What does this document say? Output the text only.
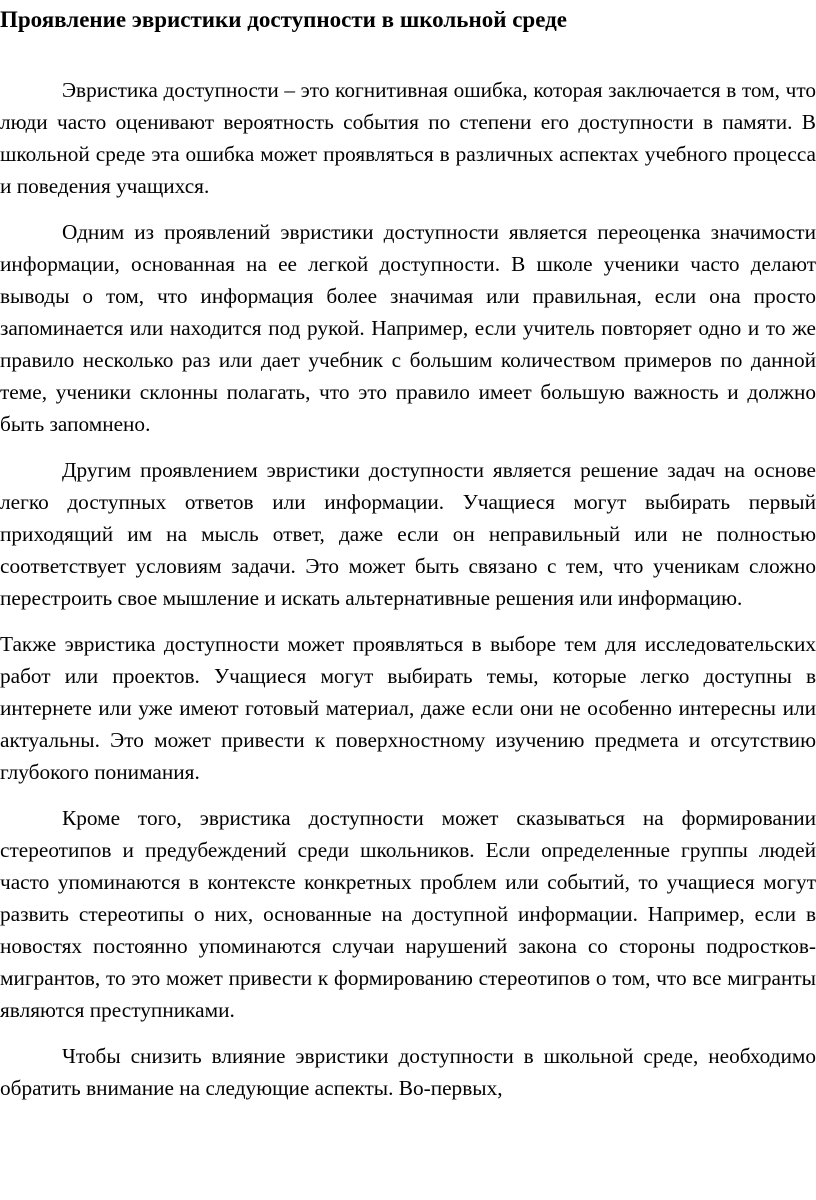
Проявление эвристики доступности в школьной среде

Эвристика доступности – это когнитивная ошибка, которая заключается в том, что люди часто оценивают вероятность события по степени его доступности в памяти. В школьной среде эта ошибка может проявляться в различных аспектах учебного процесса и поведения учащихся.

Одним из проявлений эвристики доступности является переоценка значимости информации, основанная на ее легкой доступности. В школе ученики часто делают выводы о том, что информация более значимая или правильная, если она просто запоминается или находится под рукой. Например, если учитель повторяет одно и то же правило несколько раз или дает учебник с большим количеством примеров по данной теме, ученики склонны полагать, что это правило имеет большую важность и должно быть запомнено.

Другим проявлением эвристики доступности является решение задач на основе легко доступных ответов или информации. Учащиеся могут выбирать первый приходящий им на мысль ответ, даже если он неправильный или не полностью соответствует условиям задачи. Это может быть связано с тем, что ученикам сложно перестроить свое мышление и искать альтернативные решения или информацию.

Также эвристика доступности может проявляться в выборе тем для исследовательских работ или проектов. Учащиеся могут выбирать темы, которые легко доступны в интернете или уже имеют готовый материал, даже если они не особенно интересны или актуальны. Это может привести к поверхностному изучению предмета и отсутствию глубокого понимания.

Кроме того, эвристика доступности может сказываться на формировании стереотипов и предубеждений среди школьников. Если определенные группы людей часто упоминаются в контексте конкретных проблем или событий, то учащиеся могут развить стереотипы о них, основанные на доступной информации. Например, если в новостях постоянно упоминаются случаи нарушений закона со стороны подростков-мигрантов, то это может привести к формированию стереотипов о том, что все мигранты являются преступниками.

Чтобы снизить влияние эвристики доступности в школьной среде, необходимо обратить внимание на следующие аспекты. Во-первых,
